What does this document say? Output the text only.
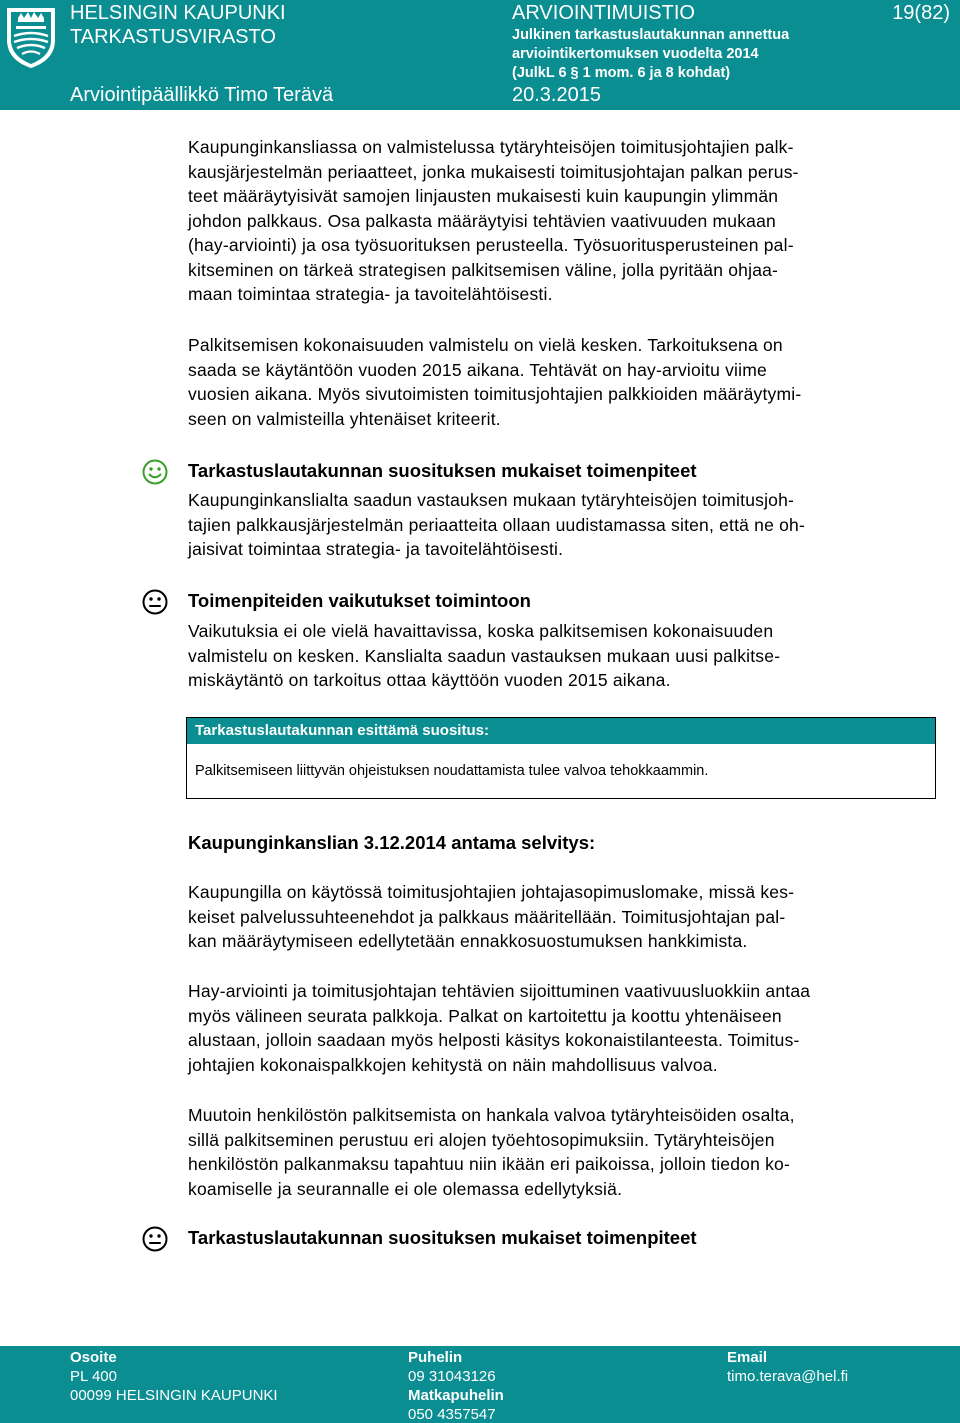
HELSINGIN KAUPUNKI
TARKASTUSVIRASTO
ARVIOINTIMUISTIO
Julkinen tarkastuslautakunnan annettua
arviointikertomuksen vuodelta 2014
(JulkL 6 § 1 mom. 6 ja 8 kohdat)
19(82)
Arviointipäällikkö Timo Terävä	20.3.2015
Kaupunginkansliassa on valmistelussa tytäryhteisöjen toimitusjohtajien palk-
kausjärjestelmän periaatteet, jonka mukaisesti toimitusjohtajan palkan perus-
teet määräytyisivät samojen linjausten mukaisesti kuin kaupungin ylimmän
johdon palkkaus. Osa palkasta määräytyisi tehtävien vaativuuden mukaan
(hay-arviointi) ja osa työsuorituksen perusteella. Työsuoritusperusteinen pal-
kitseminen on tärkeä strategisen palkitsemisen väline, jolla pyritään ohjaa-
maan toimintaa strategia- ja tavoitelähtöisesti.
Palkitsemisen kokonaisuuden valmistelu on vielä kesken. Tarkoituksena on
saada se käytäntöön vuoden 2015 aikana. Tehtävät on hay-arvioitu viime
vuosien aikana. Myös sivutoimisten toimitusjohtajien palkkioiden määräytymi-
seen on valmisteilla yhtenäiset kriteerit.
Tarkastuslautakunnan suosituksen mukaiset toimenpiteet
Kaupunginkanslialta saadun vastauksen mukaan tytäryhteisöjen toimitusjoh-
tajien palkkausjärjestelmän periaatteita ollaan uudistamassa siten, että ne oh-
jaisivat toimintaa strategia- ja tavoitelähtöisesti.
Toimenpiteiden vaikutukset toimintoon
Vaikutuksia ei ole vielä havaittavissa, koska palkitsemisen kokonaisuuden
valmistelu on kesken. Kanslialta saadun vastauksen mukaan uusi palkitse-
miskäytäntö on tarkoitus ottaa käyttöön vuoden 2015 aikana.
Tarkastuslautakunnan esittämä suositus:
Palkitsemiseen liittyvän ohjeistuksen noudattamista tulee valvoa tehokkaammin.
Kaupunginkanslian 3.12.2014 antama selvitys:
Kaupungilla on käytössä toimitusjohtajien johtajasopimuslomake, missä kes-
keiset palvelussuhteenehdot ja palkkaus määritellään. Toimitusjohtajan pal-
kan määräytymiseen edellytetään ennakkosuostumuksen hankkimista.
Hay-arviointi ja toimitusjohtajan tehtävien sijoittuminen vaativuusluokkiin antaa
myös välineen seurata palkkoja. Palkat on kartoitettu ja koottu yhtenäiseen
alustaan, jolloin saadaan myös helposti käsitys kokonaistilanteesta. Toimitus-
johtajien kokonaispalkkojen kehitystä on näin mahdollisuus valvoa.
Muutoin henkilöstön palkitsemista on hankala valvoa tytäryhteisöiden osalta,
sillä palkitseminen perustuu eri alojen työehtosopimuksiin. Tytäryhteisöjen
henkilöstön palkanmaksu tapahtuu niin ikään eri paikoissa, jolloin tiedon ko-
koamiselle ja seurannalle ei ole olemassa edellytyksiä.
Tarkastuslautakunnan suosituksen mukaiset toimenpiteet
Osoite
PL 400
00099 HELSINGIN KAUPUNKI
Puhelin
09 31043126
Matkapuhelin
050 4357547
Email
timo.terava@hel.fi
